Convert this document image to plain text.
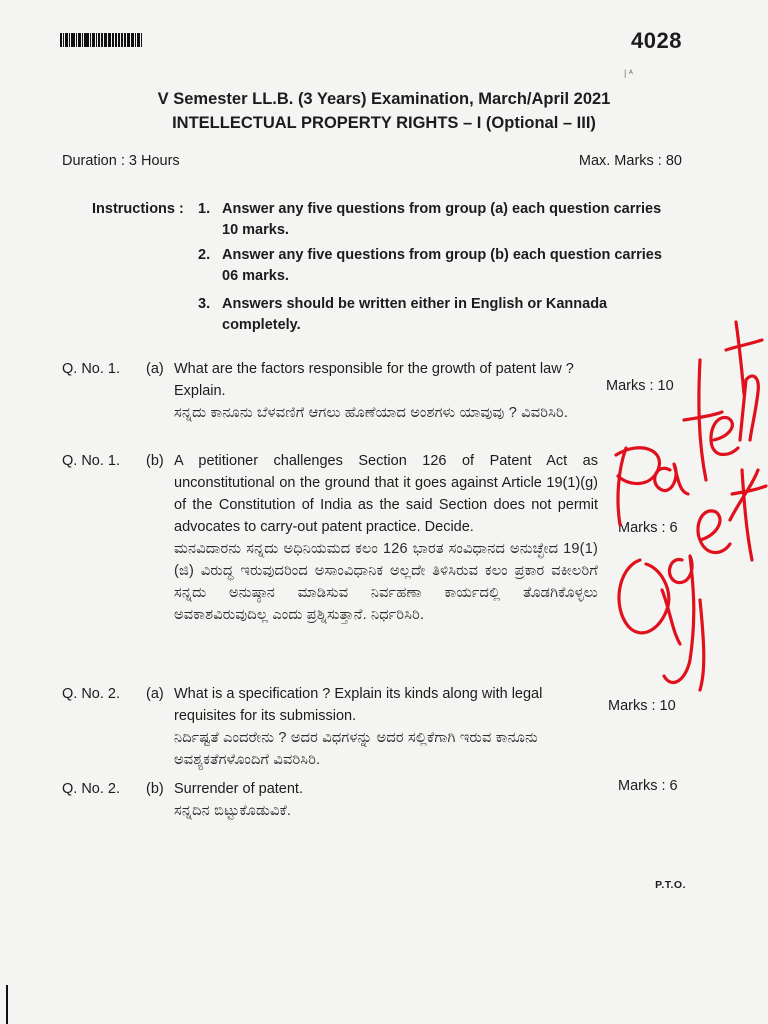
4028
| ᴬ
V Semester LL.B. (3 Years) Examination, March/April 2021
INTELLECTUAL PROPERTY RIGHTS – I (Optional – III)
Duration : 3 Hours	Max. Marks : 80
Instructions : 1. Answer any five questions from group (a) each question carries 10 marks.
2. Answer any five questions from group (b) each question carries 06 marks.
3. Answers should be written either in English or Kannada completely.
Q. No. 1. (a) What are the factors responsible for the growth of patent law ? Explain.
ಸನ್ನದು ಕಾನೂನು ಬೆಳವಣಿಗೆ ಆಗಲು ಹೊಣೆಯಾದ ಅಂಶಗಳು ಯಾವುವು ? ವಿವರಿಸಿರಿ.
Marks : 10
Q. No. 1. (b) A petitioner challenges Section 126 of Patent Act as unconstitutional on the ground that it goes against Article 19(1)(g) of the Constitution of India as the said Section does not permit advocates to carry-out patent practice. Decide.
ಮನವಿದಾರನು ಸನ್ನದು ಅಧಿನಿಯಮದ ಕಲಂ 126 ಭಾರತ ಸಂವಿಧಾನದ ಅನುಚ್ಛೇದ 19(1)(ಜಿ) ವಿರುದ್ಧ ಇರುವುದರಿಂದ ಅಸಾಂವಿಧಾನಿಕ ಅಲ್ಲದೇ ತಿಳಿಸಿರುವ ಕಲಂ ಪ್ರಕಾರ ವಕೀಲರಿಗೆ ಸನ್ನದು ಅನುಷ್ಠಾನ ಮಾಡಿಸುವ ನಿರ್ವಹಣಾ ಕಾರ್ಯದಲ್ಲಿ ತೊಡಗಿಕೊಳ್ಳಲು ಅವಕಾಶವಿರುವುದಿಲ್ಲ ಎಂದು ಪ್ರಶ್ನಿಸುತ್ತಾನೆ. ನಿರ್ಧರಿಸಿರಿ.
Marks : 6
Q. No. 2. (a) What is a specification ? Explain its kinds along with legal requisites for its submission.
ನಿರ್ದಿಷ್ಟತೆ ಎಂದರೇನು ? ಅದರ ವಿಧಗಳನ್ನು ಅದರ ಸಲ್ಲಿಕೆಗಾಗಿ ಇರುವ ಕಾನೂನು ಅವಶ್ಯಕತೆಗಳೊಂದಿಗೆ ವಿವರಿಸಿರಿ.
Marks : 10
Q. No. 2. (b) Surrender of patent.
ಸನ್ನದಿನ ಬಿಟ್ಟುಕೊಡುವಿಕೆ.
Marks : 6
P.T.O.
